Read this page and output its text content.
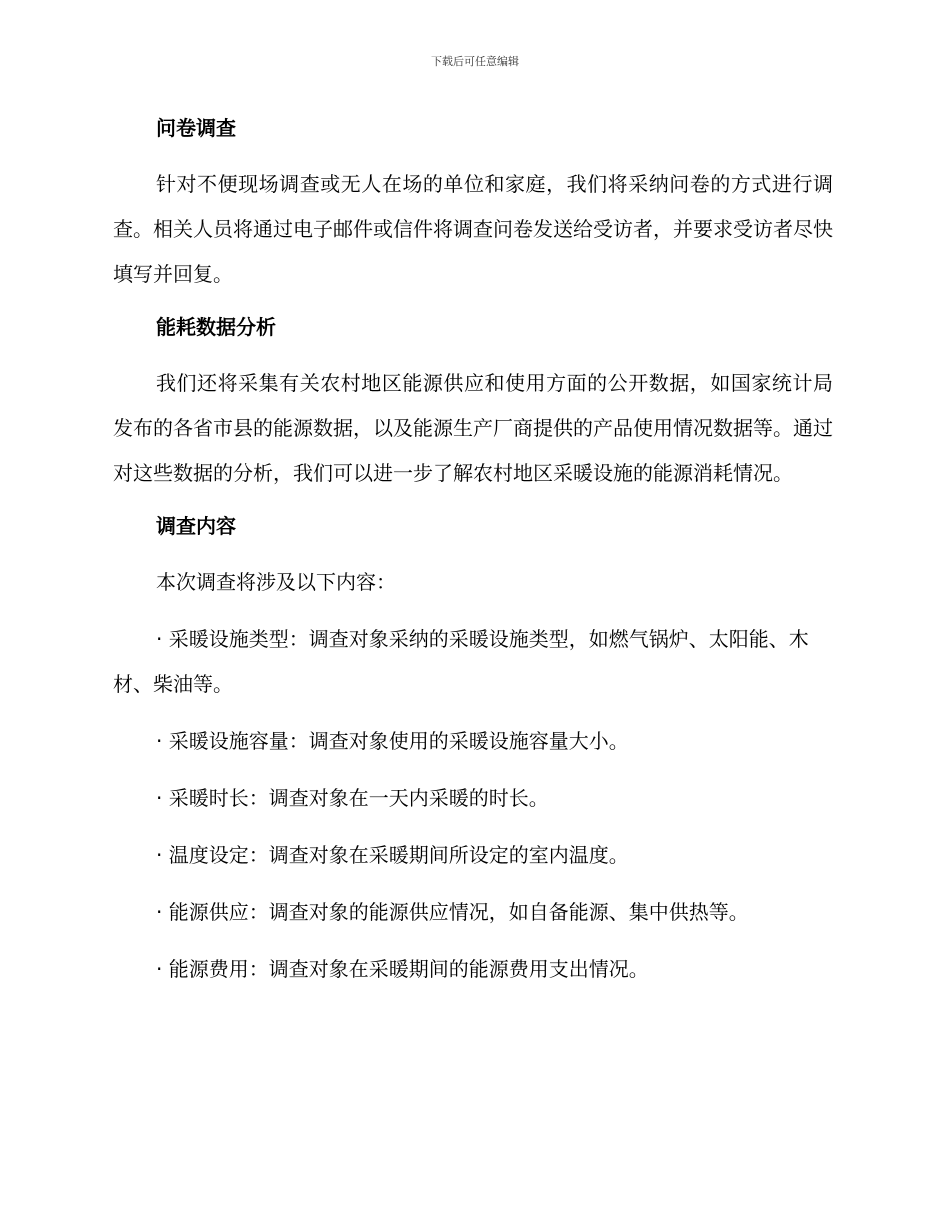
下载后可任意编辑

问卷调查

针对不便现场调查或无人在场的单位和家庭，我们将采纳问卷的方式进行调查。相关人员将通过电子邮件或信件将调查问卷发送给受访者，并要求受访者尽快填写并回复。

能耗数据分析

我们还将采集有关农村地区能源供应和使用方面的公开数据，如国家统计局发布的各省市县的能源数据，以及能源生产厂商提供的产品使用情况数据等。通过对这些数据的分析，我们可以进一步了解农村地区采暖设施的能源消耗情况。

调查内容

本次调查将涉及以下内容：

· 采暖设施类型：调查对象采纳的采暖设施类型，如燃气锅炉、太阳能、木材、柴油等。

· 采暖设施容量：调查对象使用的采暖设施容量大小。

· 采暖时长：调查对象在一天内采暖的时长。

· 温度设定：调查对象在采暖期间所设定的室内温度。

· 能源供应：调查对象的能源供应情况，如自备能源、集中供热等。

· 能源费用：调查对象在采暖期间的能源费用支出情况。
